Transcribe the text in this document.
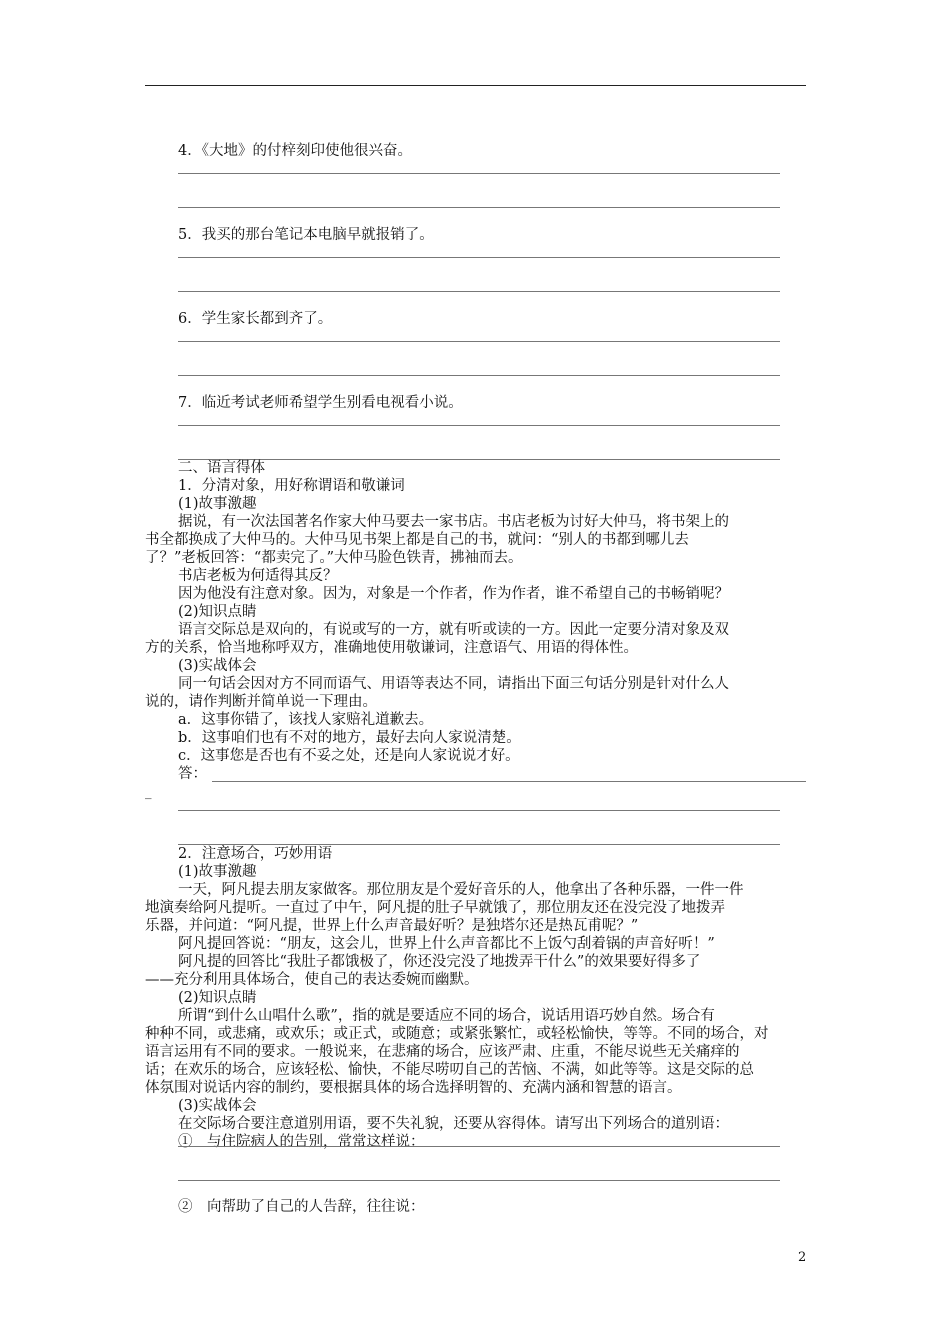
4．《大地》的付梓刻印使他很兴奋。
5．我买的那台笔记本电脑早就报销了。
6．学生家长都到齐了。
7．临近考试老师希望学生别看电视看小说。
二、语言得体
1．分清对象，用好称谓语和敬谦词
(1)故事激趣
据说，有一次法国著名作家大仲马要去一家书店。书店老板为讨好大仲马，将书架上的
书全都换成了大仲马的。大仲马见书架上都是自己的书，就问：“别人的书都到哪儿去
了？”老板回答：“都卖完了。”大仲马脸色铁青，拂袖而去。
书店老板为何适得其反？
因为他没有注意对象。因为，对象是一个作者，作为作者，谁不希望自己的书畅销呢？
(2)知识点睛
语言交际总是双向的，有说或写的一方，就有听或读的一方。因此一定要分清对象及双
方的关系，恰当地称呼双方，准确地使用敬谦词，注意语气、用语的得体性。
(3)实战体会
同一句话会因对方不同而语气、用语等表达不同，请指出下面三句话分别是针对什么人
说的，请作判断并简单说一下理由。
a．这事你错了，该找人家赔礼道歉去。
b．这事咱们也有不对的地方，最好去向人家说清楚。
c．这事您是否也有不妥之处，还是向人家说说才好。
答：
_
2．注意场合，巧妙用语
(1)故事激趣
一天，阿凡提去朋友家做客。那位朋友是个爱好音乐的人，他拿出了各种乐器，一件一件
地演奏给阿凡提听。一直过了中午，阿凡提的肚子早就饿了，那位朋友还在没完没了地拨弄
乐器，并问道：“阿凡提，世界上什么声音最好听？是独塔尔还是热瓦甫呢？”
阿凡提回答说：“朋友，这会儿，世界上什么声音都比不上饭勺刮着锅的声音好听！”
阿凡提的回答比“我肚子都饿极了，你还没完没了地拨弄干什么”的效果要好得多了
——充分利用具体场合，使自己的表达委婉而幽默。
(2)知识点睛
所谓“到什么山唱什么歌”，指的就是要适应不同的场合，说话用语巧妙自然。场合有
种种不同，或悲痛，或欢乐；或正式，或随意；或紧张繁忙，或轻松愉快，等等。不同的场合，对
语言运用有不同的要求。一般说来，在悲痛的场合，应该严肃、庄重，不能尽说些无关痛痒的
话；在欢乐的场合，应该轻松、愉快，不能尽唠叨自己的苦恼、不满，如此等等。这是交际的总
体氛围对说话内容的制约，要根据具体的场合选择明智的、充满内涵和智慧的语言。
(3)实战体会
在交际场合要注意道别用语，要不失礼貌，还要从容得体。请写出下列场合的道别语：
①　与住院病人的告别，常常这样说：
②　向帮助了自己的人告辞，往往说：
2
